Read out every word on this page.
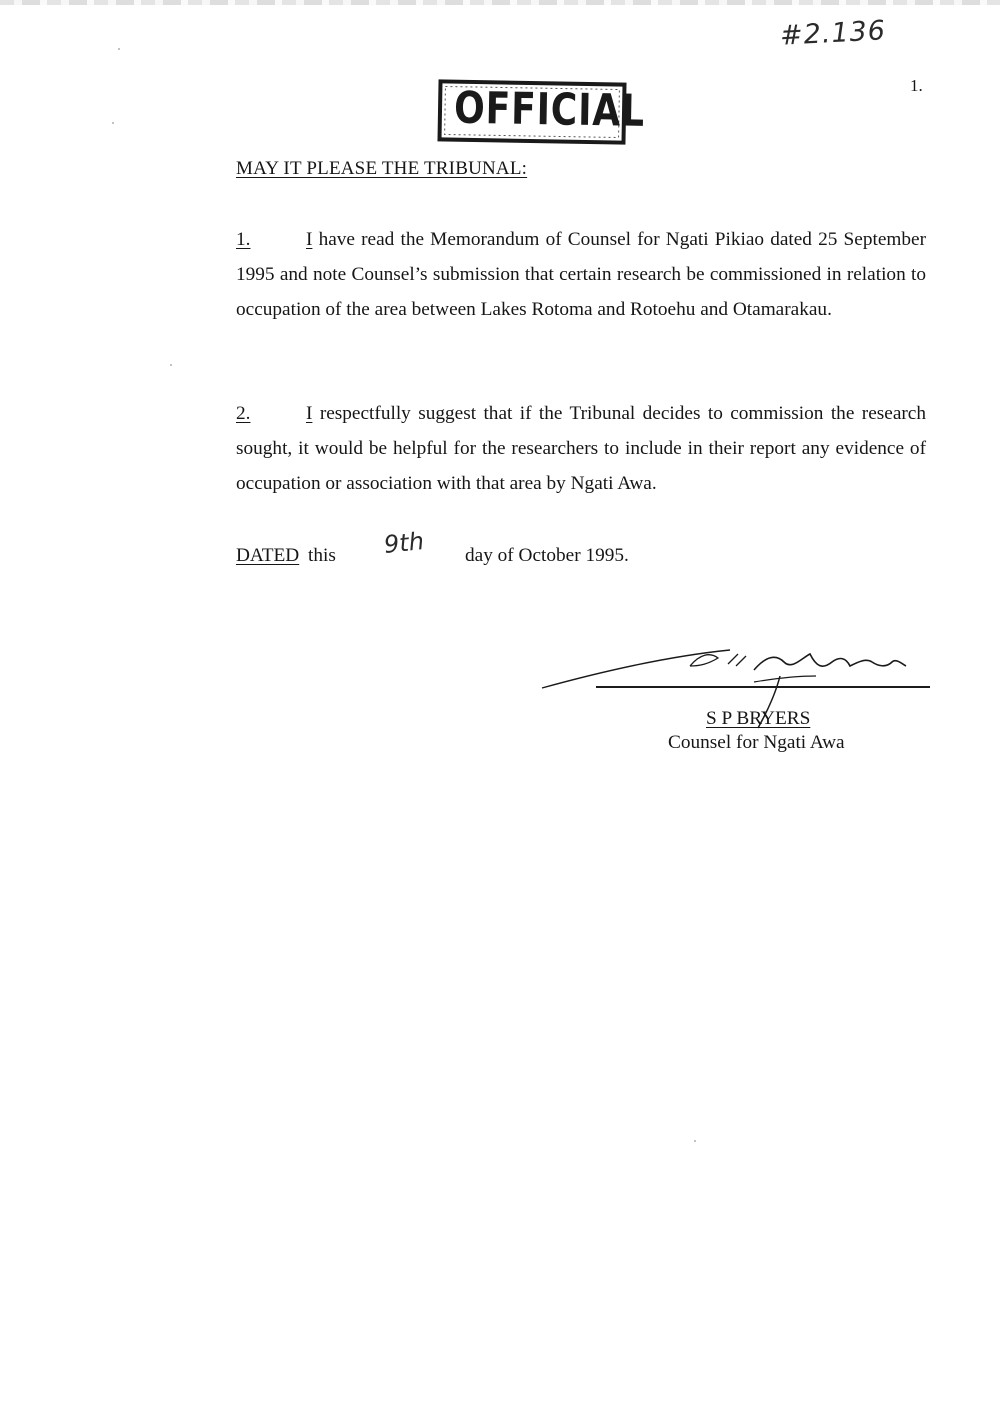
#2.136
1.
OFFICIAL
MAY IT PLEASE THE TRIBUNAL:
1.	I have read the Memorandum of Counsel for Ngati Pikiao dated 25 September 1995 and note Counsel’s submission that certain research be commissioned in relation to occupation of the area between Lakes Rotoma and Rotoehu and Otamarakau.
2.	I respectfully suggest that if the Tribunal decides to commission the research sought, it would be helpful for the researchers to include in their report any evidence of occupation or association with that area by Ngati Awa.
DATED this 9th day of October 1995.
S P BRYERS
Counsel for Ngati Awa
